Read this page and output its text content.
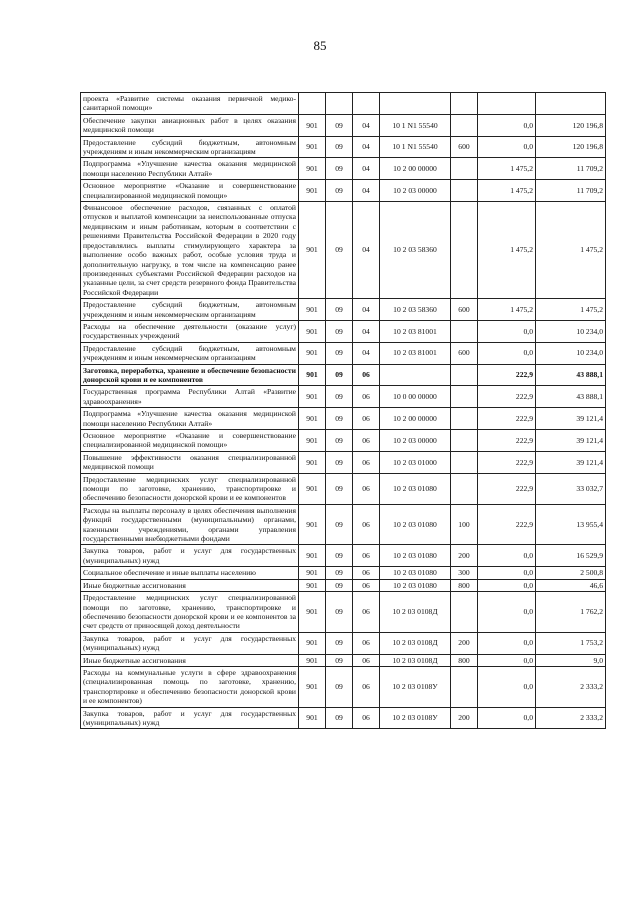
85
проекта «Развитие системы оказания первичной медико-санитарной помощи»							
Обеспечение закупки авиационных работ в целях оказания медицинской помощи	901	09	04	10 1 N1 55540		0,0	120 196,8
Предоставление субсидий бюджетным, автономным учреждениям и иным некоммерческим организациям	901	09	04	10 1 N1 55540	600	0,0	120 196,8
Подпрограмма «Улучшение качества оказания медицинской помощи населению Республики Алтай»	901	09	04	10 2 00 00000		1 475,2	11 709,2
Основное мероприятие «Оказание и совершенствование специализированной медицинской помощи»	901	09	04	10 2 03 00000		1 475,2	11 709,2
Финансовое обеспечение расходов, связанных с оплатой отпусков и выплатой компенсации за неиспользованные отпуска медицинским и иным работникам, которым в соответствии с решениями Правительства Российской Федерации в 2020 году предоставлялись выплаты стимулирующего характера за выполнение особо важных работ, особые условия труда и дополнительную нагрузку, в том числе на компенсацию ранее произведенных субъектами Российской Федерации расходов на указанные цели, за счет средств резервного фонда Правительства Российской Федерации	901	09	04	10 2 03 58360		1 475,2	1 475,2
Предоставление субсидий бюджетным, автономным учреждениям и иным некоммерческим организациям	901	09	04	10 2 03 58360	600	1 475,2	1 475,2
Расходы на обеспечение деятельности (оказание услуг) государственных учреждений	901	09	04	10 2 03 81001		0,0	10 234,0
Предоставление субсидий бюджетным, автономным учреждениям и иным некоммерческим организациям	901	09	04	10 2 03 81001	600	0,0	10 234,0
Заготовка, переработка, хранение и обеспечение безопасности донорской крови и ее компонентов	901	09	06			222,9	43 888,1
Государственная программа Республики Алтай «Развитие здравоохранения»	901	09	06	10 0 00 00000		222,9	43 888,1
Подпрограмма «Улучшение качества оказания медицинской помощи населению Республики Алтай»	901	09	06	10 2 00 00000		222,9	39 121,4
Основное мероприятие «Оказание и совершенствование специализированной медицинской помощи»	901	09	06	10 2 03 00000		222,9	39 121,4
Повышение эффективности оказания специализированной медицинской помощи	901	09	06	10 2 03 01000		222,9	39 121,4
Предоставление медицинских услуг специализированной помощи по заготовке, хранению, транспортировке и обеспечению безопасности донорской крови и ее компонентов	901	09	06	10 2 03 01080		222,9	33 032,7
Расходы на выплаты персоналу в целях обеспечения выполнения функций государственными (муниципальными) органами, казенными учреждениями, органами управления государственными внебюджетными фондами	901	09	06	10 2 03 01080	100	222,9	13 955,4
Закупка товаров, работ и услуг для государственных (муниципальных) нужд	901	09	06	10 2 03 01080	200	0,0	16 529,9
Социальное обеспечение и иные выплаты населению	901	09	06	10 2 03 01080	300	0,0	2 500,8
Иные бюджетные ассигнования	901	09	06	10 2 03 01080	800	0,0	46,6
Предоставление медицинских услуг специализированной помощи по заготовке, хранению, транспортировке и обеспечению безопасности донорской крови и ее компонентов за счет средств от приносящей доход деятельности	901	09	06	10 2 03 0108Д		0,0	1 762,2
Закупка товаров, работ и услуг для государственных (муниципальных) нужд	901	09	06	10 2 03 0108Д	200	0,0	1 753,2
Иные бюджетные ассигнования	901	09	06	10 2 03 0108Д	800	0,0	9,0
Расходы на коммунальные услуги в сфере здравоохранения (специализированная помощь по заготовке, хранению, транспортировке и обеспечению безопасности донорской крови и ее компонентов)	901	09	06	10 2 03 0108У		0,0	2 333,2
Закупка товаров, работ и услуг для государственных (муниципальных) нужд	901	09	06	10 2 03 0108У	200	0,0	2 333,2
